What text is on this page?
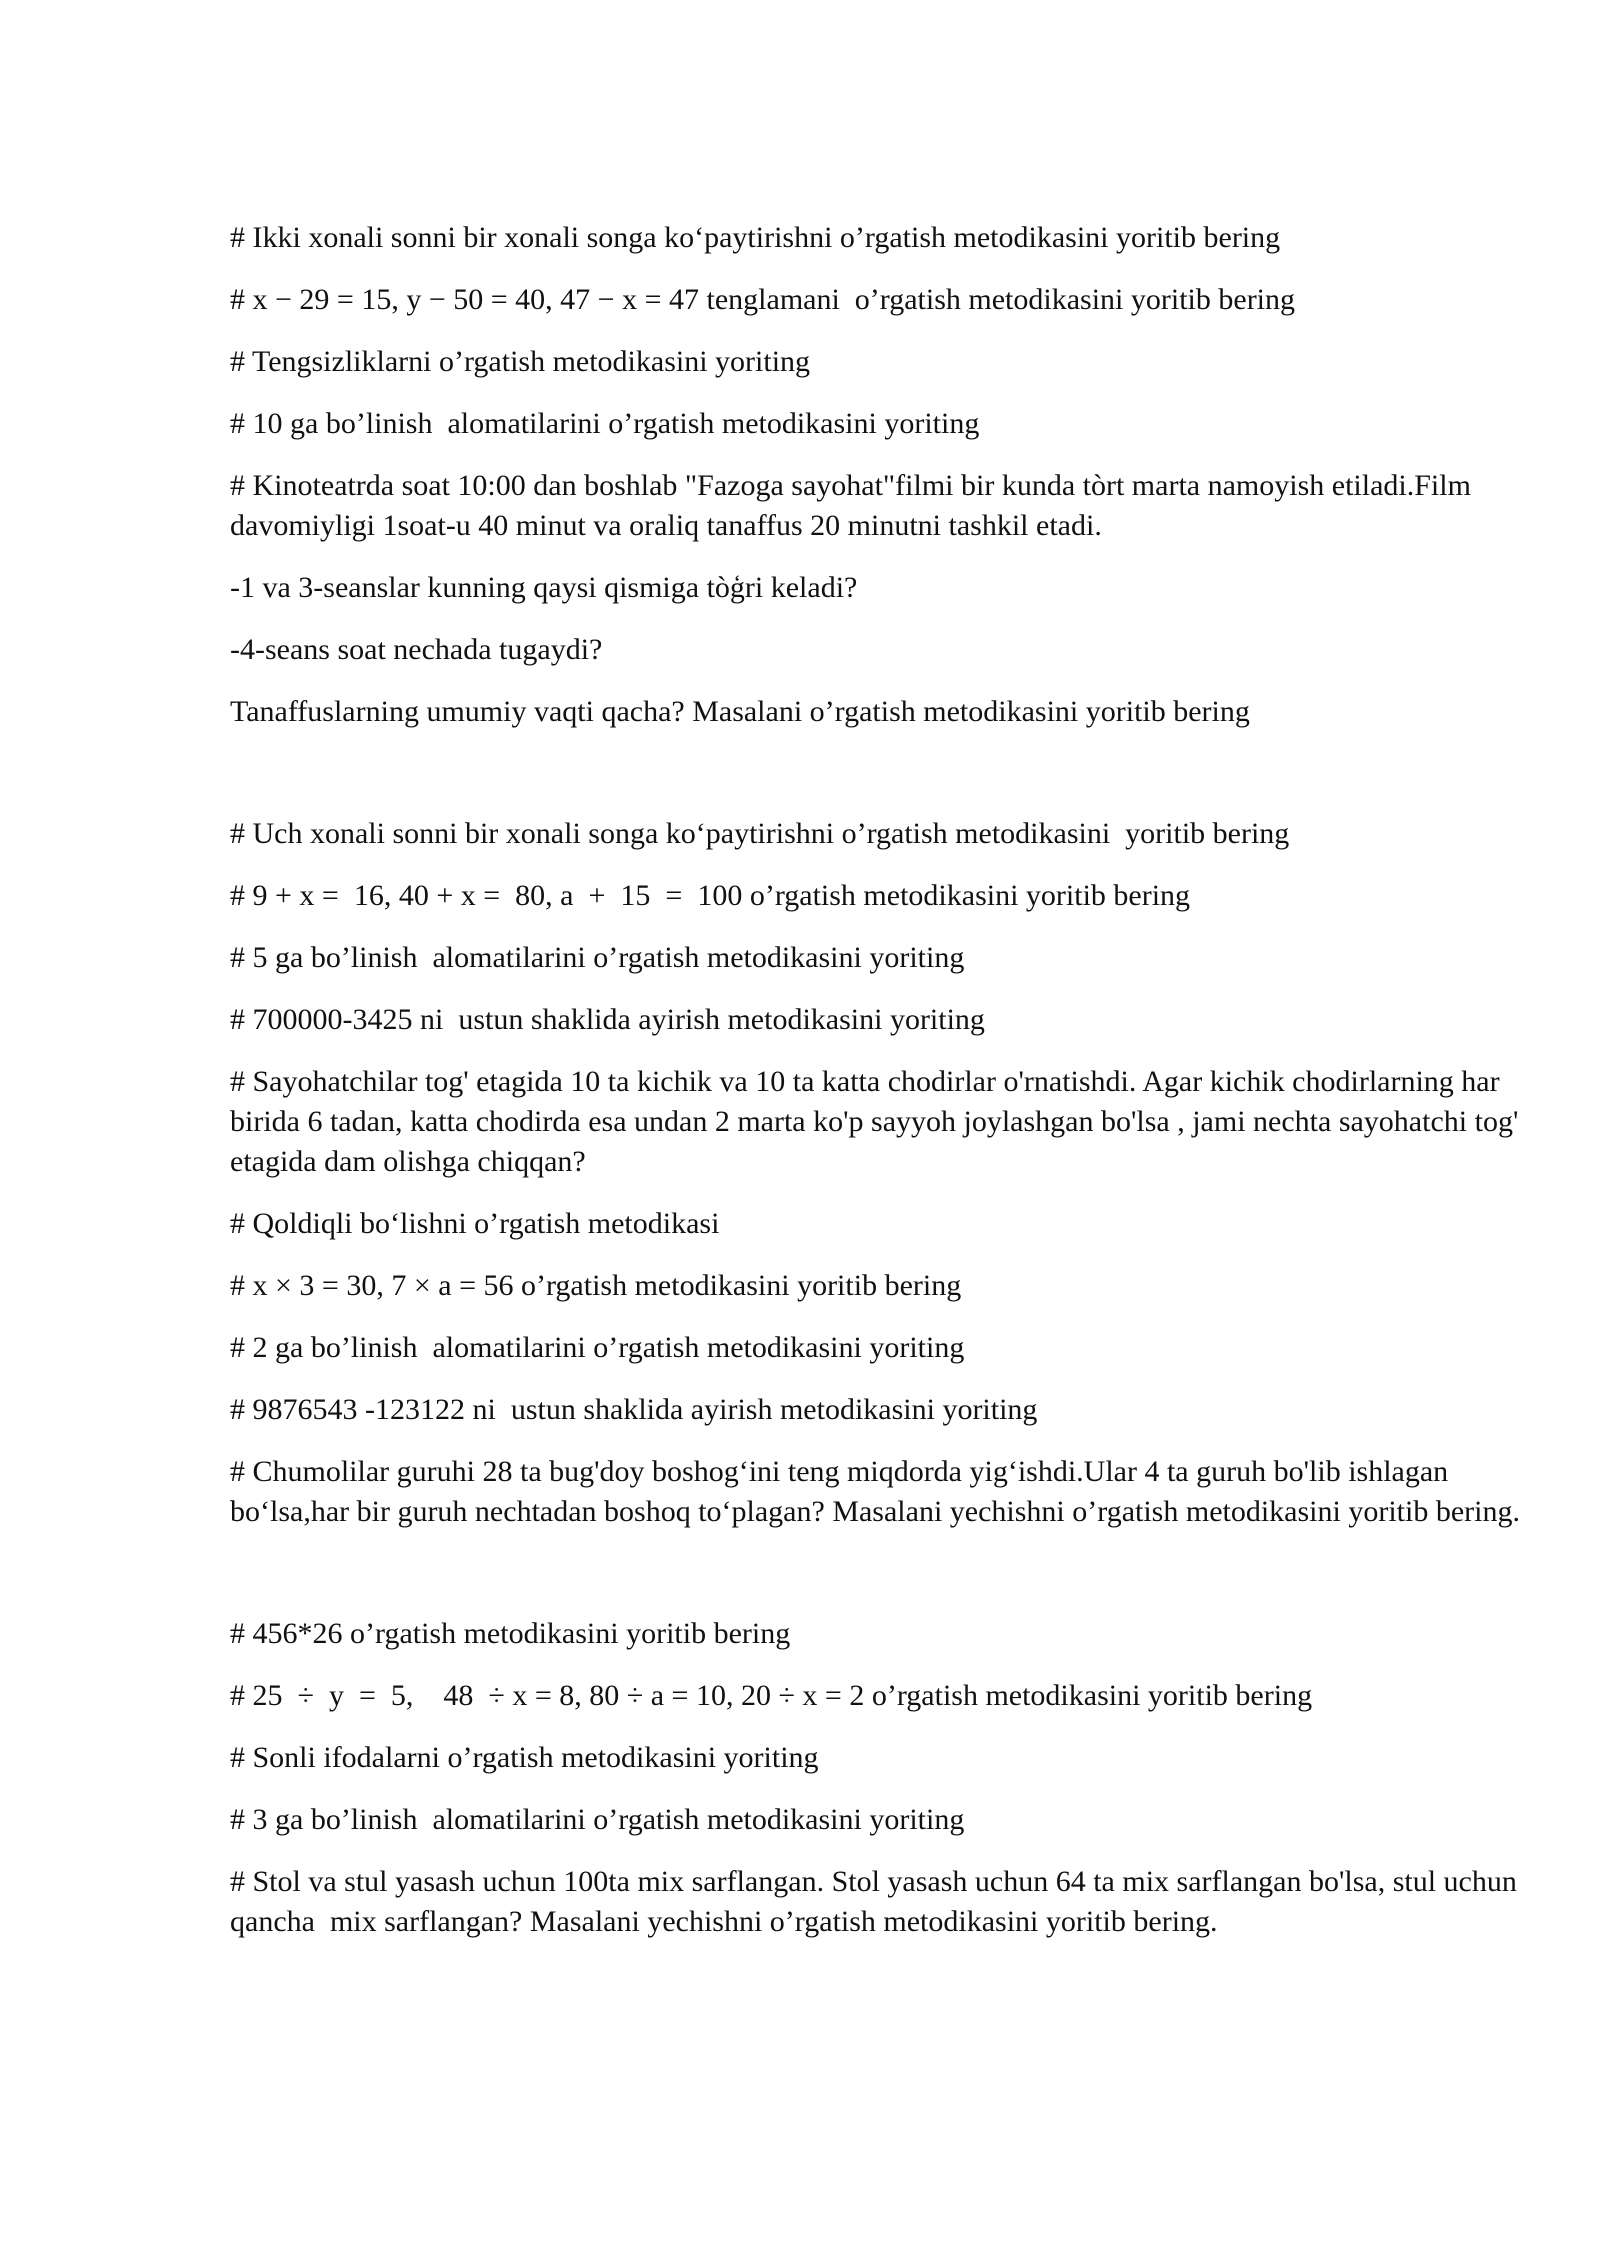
# Ikki xonali sonni bir xonali songa ko‘paytirishni o’rgatish metodikasini yoritib bering

# x − 29 = 15, y − 50 = 40, 47 − x = 47 tenglamani  o’rgatish metodikasini yoritib bering

# Tengsizliklarni o’rgatish metodikasini yoriting

# 10 ga bo’linish  alomatilarini o’rgatish metodikasini yoriting

# Kinoteatrda soat 10:00 dan boshlab "Fazoga sayohat"filmi bir kunda tòrt marta namoyish etiladi.Film davomiyligi 1soat-u 40 minut va oraliq tanaffus 20 minutni tashkil etadi.

-1 va 3-seanslar kunning qaysi qismiga tòģri keladi?

-4-seans soat nechada tugaydi?

Tanaffuslarning umumiy vaqti qacha? Masalani o’rgatish metodikasini yoritib bering

# Uch xonali sonni bir xonali songa ko‘paytirishni o’rgatish metodikasini  yoritib bering

# 9 + x =  16, 40 + x =  80, a  +  15  =  100 o’rgatish metodikasini yoritib bering

# 5 ga bo’linish  alomatilarini o’rgatish metodikasini yoriting

# 700000-3425 ni  ustun shaklida ayirish metodikasini yoriting

# Sayohatchilar tog' etagida 10 ta kichik va 10 ta katta chodirlar o'rnatishdi. Agar kichik chodirlarning har birida 6 tadan, katta chodirda esa undan 2 marta ko'p sayyoh joylashgan bo'lsa , jami nechta sayohatchi tog' etagida dam olishga chiqqan?

# Qoldiqli bo‘lishni o’rgatish metodikasi

# x × 3 = 30, 7 × a = 56 o’rgatish metodikasini yoritib bering

# 2 ga bo’linish  alomatilarini o’rgatish metodikasini yoriting

# 9876543 -123122 ni  ustun shaklida ayirish metodikasini yoriting

# Chumolilar guruhi 28 ta bug'doy boshog‘ini teng miqdorda yig‘ishdi.Ular 4 ta guruh bo'lib ishlagan bo‘lsa,har bir guruh nechtadan boshoq to‘plagan? Masalani yechishni o’rgatish metodikasini yoritib bering.

# 456*26 o’rgatish metodikasini yoritib bering

# 25  ÷  y  =  5,    48  ÷ x = 8, 80 ÷ a = 10, 20 ÷ x = 2 o’rgatish metodikasini yoritib bering

# Sonli ifodalarni o’rgatish metodikasini yoriting

# 3 ga bo’linish  alomatilarini o’rgatish metodikasini yoriting

# Stol va stul yasash uchun 100ta mix sarflangan. Stol yasash uchun 64 ta mix sarflangan bo'lsa, stul uchun qancha  mix sarflangan? Masalani yechishni o’rgatish metodikasini yoritib bering.
